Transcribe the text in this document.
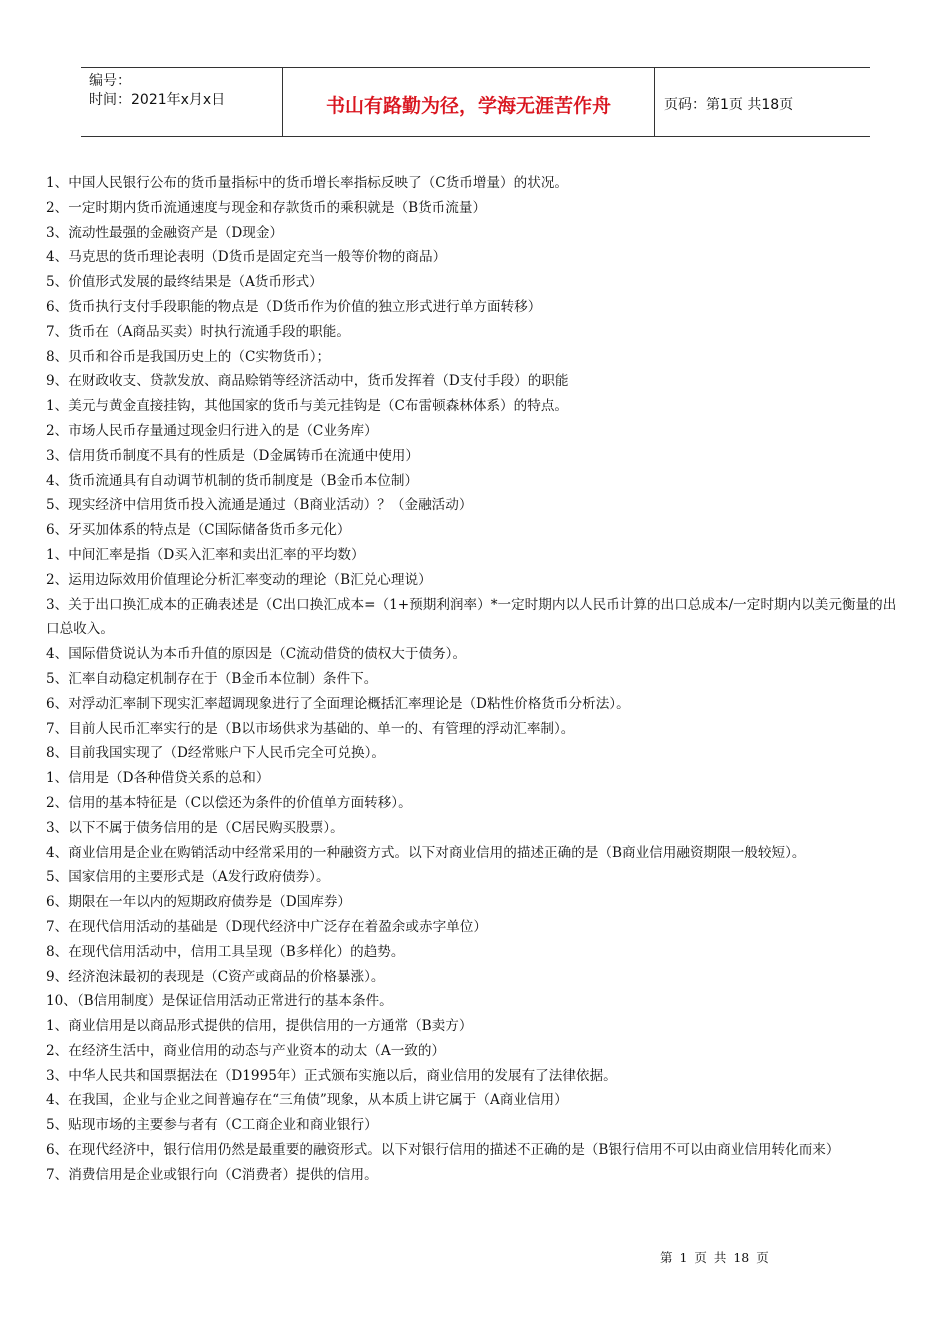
编号：
时间：2021年x月x日	书山有路勤为径，学海无涯苦作舟	页码：第1页 共18页
1、中国人民银行公布的货币量指标中的货币增长率指标反映了（C货币增量）的状况。
2、一定时期内货币流通速度与现金和存款货币的乘积就是（B货币流量）
3、流动性最强的金融资产是（D现金）
4、马克思的货币理论表明（D货币是固定充当一般等价物的商品）
5、价值形式发展的最终结果是（A货币形式）
6、货币执行支付手段职能的物点是（D货币作为价值的独立形式进行单方面转移）
7、货币在（A商品买卖）时执行流通手段的职能。
8、贝币和谷币是我国历史上的（C实物货币）；
9、在财政收支、贷款发放、商品赊销等经济活动中，货币发挥着（D支付手段）的职能
1、美元与黄金直接挂钩，其他国家的货币与美元挂钩是（C布雷顿森林体系）的特点。
2、市场人民币存量通过现金归行进入的是（C业务库）
3、信用货币制度不具有的性质是（D金属铸币在流通中使用）
4、货币流通具有自动调节机制的货币制度是（B金币本位制）
5、现实经济中信用货币投入流通是通过（B商业活动）？（金融活动）
6、牙买加体系的特点是（C国际储备货币多元化）
1、中间汇率是指（D买入汇率和卖出汇率的平均数）
2、运用边际效用价值理论分析汇率变动的理论（B汇兑心理说）
3、关于出口换汇成本的正确表述是（C出口换汇成本=（1+预期利润率）*一定时期内以人民币计算的出口总成本/一定时期内以美元衡量的出口总收入。
4、国际借贷说认为本币升值的原因是（C流动借贷的债权大于债务）。
5、汇率自动稳定机制存在于（B金币本位制）条件下。
6、对浮动汇率制下现实汇率超调现象进行了全面理论概括汇率理论是（D粘性价格货币分析法）。
7、目前人民币汇率实行的是（B以市场供求为基础的、单一的、有管理的浮动汇率制）。
8、目前我国实现了（D经常账户下人民币完全可兑换）。
1、信用是（D各种借贷关系的总和）
2、信用的基本特征是（C以偿还为条件的价值单方面转移）。
3、以下不属于债务信用的是（C居民购买股票）。
4、商业信用是企业在购销活动中经常采用的一种融资方式。以下对商业信用的描述正确的是（B商业信用融资期限一般较短）。
5、国家信用的主要形式是（A发行政府债券）。
6、期限在一年以内的短期政府债券是（D国库券）
7、在现代信用活动的基础是（D现代经济中广泛存在着盈余或赤字单位）
8、在现代信用活动中，信用工具呈现（B多样化）的趋势。
9、经济泡沫最初的表现是（C资产或商品的价格暴涨）。
10、（B信用制度）是保证信用活动正常进行的基本条件。
1、商业信用是以商品形式提供的信用，提供信用的一方通常（B卖方）
2、在经济生活中，商业信用的动态与产业资本的动太（A一致的）
3、中华人民共和国票据法在（D1995年）正式颁布实施以后，商业信用的发展有了法律依据。
4、在我国，企业与企业之间普遍存在“三角债”现象，从本质上讲它属于（A商业信用）
5、贴现市场的主要参与者有（C工商企业和商业银行）
6、在现代经济中，银行信用仍然是最重要的融资形式。以下对银行信用的描述不正确的是（B银行信用不可以由商业信用转化而来）
7、消费信用是企业或银行向（C消费者）提供的信用。
第 1 页 共 18 页
